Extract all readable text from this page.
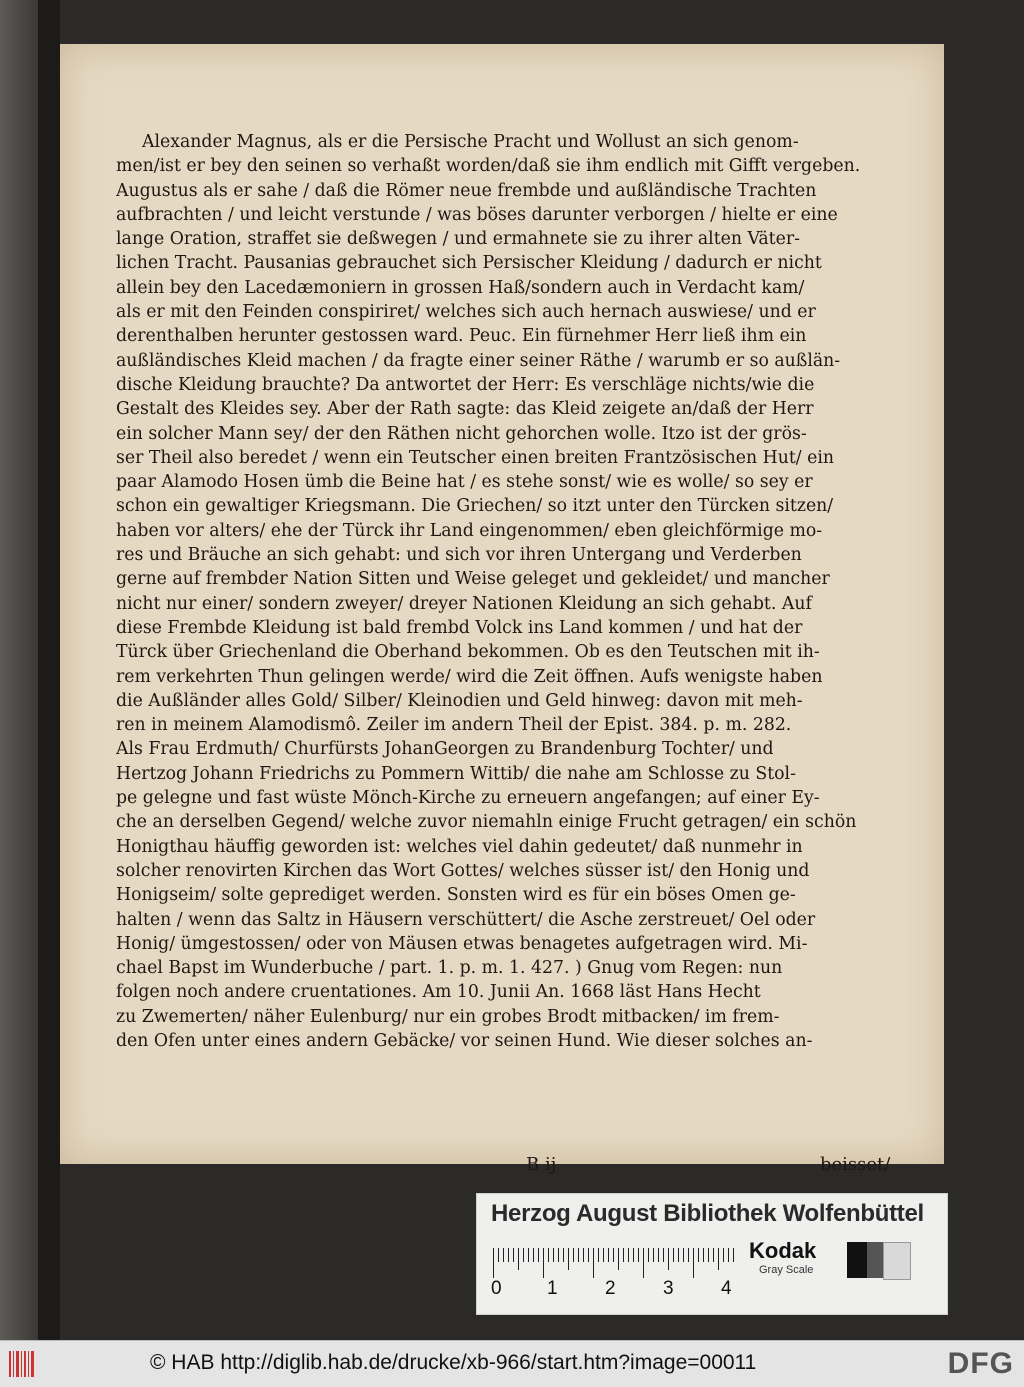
Alexander Magnus, als er die Persische Pracht und Wollust an sich genom-
men/ist er bey den seinen so verhaßt worden/daß sie ihm endlich mit Gifft vergeben.
Augustus als er sahe / daß die Römer neue frembde und außländische Trachten
aufbrachten / und leicht verstunde / was böses darunter verborgen / hielte er eine
lange Oration, straffet sie deßwegen / und ermahnete sie zu ihrer alten Väter-
lichen Tracht. Pausanias gebrauchet sich Persischer Kleidung / dadurch er nicht
allein bey den Lacedæmoniern in grossen Haß/sondern auch in Verdacht kam/
als er mit den Feinden conspiriret/ welches sich auch hernach auswiese/ und er
derenthalben herunter gestossen ward. Peuc. Ein fürnehmer Herr ließ ihm ein
außländisches Kleid machen / da fragte einer seiner Räthe / warumb er so außlän-
dische Kleidung brauchte? Da antwortet der Herr: Es verschläge nichts/wie die
Gestalt des Kleides sey. Aber der Rath sagte: das Kleid zeigete an/daß der Herr
ein solcher Mann sey/ der den Räthen nicht gehorchen wolle. Itzo ist der grös-
ser Theil also beredet / wenn ein Teutscher einen breiten Frantzösischen Hut/ ein
paar Alamodo Hosen ümb die Beine hat / es stehe sonst/ wie es wolle/ so sey er
schon ein gewaltiger Kriegsmann. Die Griechen/ so itzt unter den Türcken sitzen/
haben vor alters/ ehe der Türck ihr Land eingenommen/ eben gleichförmige mo-
res und Bräuche an sich gehabt: und sich vor ihren Untergang und Verderben
gerne auf frembder Nation Sitten und Weise geleget und gekleidet/ und mancher
nicht nur einer/ sondern zweyer/ dreyer Nationen Kleidung an sich gehabt. Auf
diese Frembde Kleidung ist bald frembd Volck ins Land kommen / und hat der
Türck über Griechenland die Oberhand bekommen. Ob es den Teutschen mit ih-
rem verkehrten Thun gelingen werde/ wird die Zeit öffnen. Aufs wenigste haben
die Außländer alles Gold/ Silber/ Kleinodien und Geld hinweg: davon mit meh-
ren in meinem Alamodismô. Zeiler im andern Theil der Epist. 384. p. m. 282.
Als Frau Erdmuth/ Churfürsts JohanGeorgen zu Brandenburg Tochter/ und
Hertzog Johann Friedrichs zu Pommern Wittib/ die nahe am Schlosse zu Stol-
pe gelegne und fast wüste Mönch-Kirche zu erneuern angefangen; auf einer Ey-
che an derselben Gegend/ welche zuvor niemahln einige Frucht getragen/ ein schön
Honigthau häuffig geworden ist: welches viel dahin gedeutet/ daß nunmehr in
solcher renovirten Kirchen das Wort Gottes/ welches süsser ist/ den Honig und
Honigseim/ solte geprediget werden. Sonsten wird es für ein böses Omen ge-
halten / wenn das Saltz in Häusern verschüttert/ die Asche zerstreuet/ Oel oder
Honig/ ümgestossen/ oder von Mäusen etwas benagetes aufgetragen wird. Mi-
chael Bapst im Wunderbuche / part. 1. p. m. 1. 427. ) Gnug vom Regen: nun
folgen noch andere cruentationes. Am 10. Junii An. 1668 läst Hans Hecht
zu Zwemerten/ näher Eulenburg/ nur ein grobes Brodt mitbacken/ im frem-
den Ofen unter eines andern Gebäcke/ vor seinen Hund. Wie dieser solches an-
B ij	beisset/
Herzog August Bibliothek Wolfenbüttel
0 1 2 3 4
Kodak
Gray Scale
© HAB http://diglib.hab.de/drucke/xb-966/start.htm?image=00011	DFG
